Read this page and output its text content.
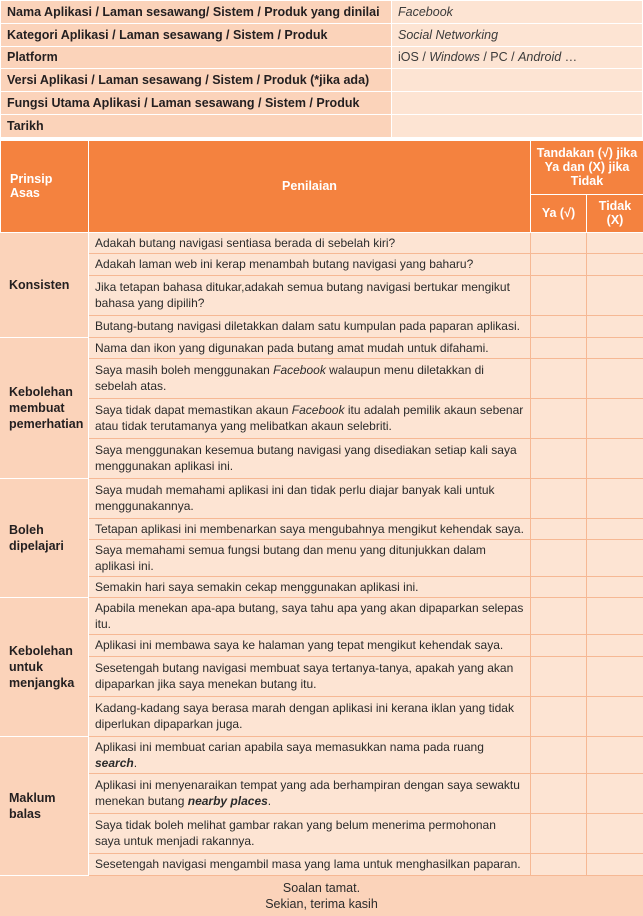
Nama Aplikasi / Laman sesawang/ Sistem / Produk yang dinilai	Facebook
Kategori Aplikasi / Laman sesawang / Sistem / Produk	Social Networking
Platform	iOS / Windows / PC / Android …
Versi Aplikasi / Laman sesawang / Sistem / Produk (*jika ada)	
Fungsi Utama Aplikasi / Laman sesawang / Sistem / Produk	
Tarikh	
Prinsip Asas	Penilaian	Tandakan (√) jika Ya dan (X) jika Tidak	
		Ya (√)	Tidak (X)
Konsisten	Adakah butang navigasi sentiasa berada di sebelah kiri?		
	Adakah laman web ini kerap menambah butang navigasi yang baharu?		
	Jika tetapan bahasa ditukar,adakah semua butang navigasi bertukar mengikut bahasa yang dipilih?		
	Butang-butang navigasi diletakkan dalam satu kumpulan pada paparan aplikasi.		
Kebolehan membuat pemerhatian	Nama dan ikon yang digunakan pada butang amat mudah untuk difahami.		
	Saya masih boleh menggunakan Facebook walaupun menu diletakkan di sebelah atas.		
	Saya tidak dapat memastikan akaun Facebook itu adalah pemilik akaun sebenar atau tidak terutamanya yang melibatkan akaun selebriti.		
	Saya menggunakan kesemua butang navigasi yang disediakan setiap kali saya menggunakan aplikasi ini.		
Boleh dipelajari	Saya mudah memahami aplikasi ini dan tidak perlu diajar banyak kali untuk menggunakannya.		
	Tetapan aplikasi ini membenarkan saya mengubahnya mengikut kehendak saya.		
	Saya memahami semua fungsi butang dan menu yang ditunjukkan dalam aplikasi ini.		
	Semakin hari saya semakin cekap menggunakan aplikasi ini.		
Kebolehan untuk menjangka	Apabila menekan apa-apa butang, saya tahu apa yang akan dipaparkan selepas itu.		
	Aplikasi ini membawa saya ke halaman yang tepat mengikut kehendak saya.		
	Sesetengah butang navigasi membuat saya tertanya-tanya, apakah yang akan dipaparkan jika saya menekan butang itu.		
	Kadang-kadang saya berasa marah dengan aplikasi ini kerana iklan yang tidak diperlukan dipaparkan juga.		
Maklum balas	Aplikasi ini membuat carian apabila saya memasukkan nama pada ruang search.		
	Aplikasi ini menyenaraikan tempat yang ada berhampiran dengan saya sewaktu menekan butang nearby places.		
	Saya tidak boleh melihat gambar rakan yang belum menerima permohonan saya untuk menjadi rakannya.		
	Sesetengah navigasi mengambil masa yang lama untuk menghasilkan paparan.		
Soalan tamat.
Sekian, terima kasih
